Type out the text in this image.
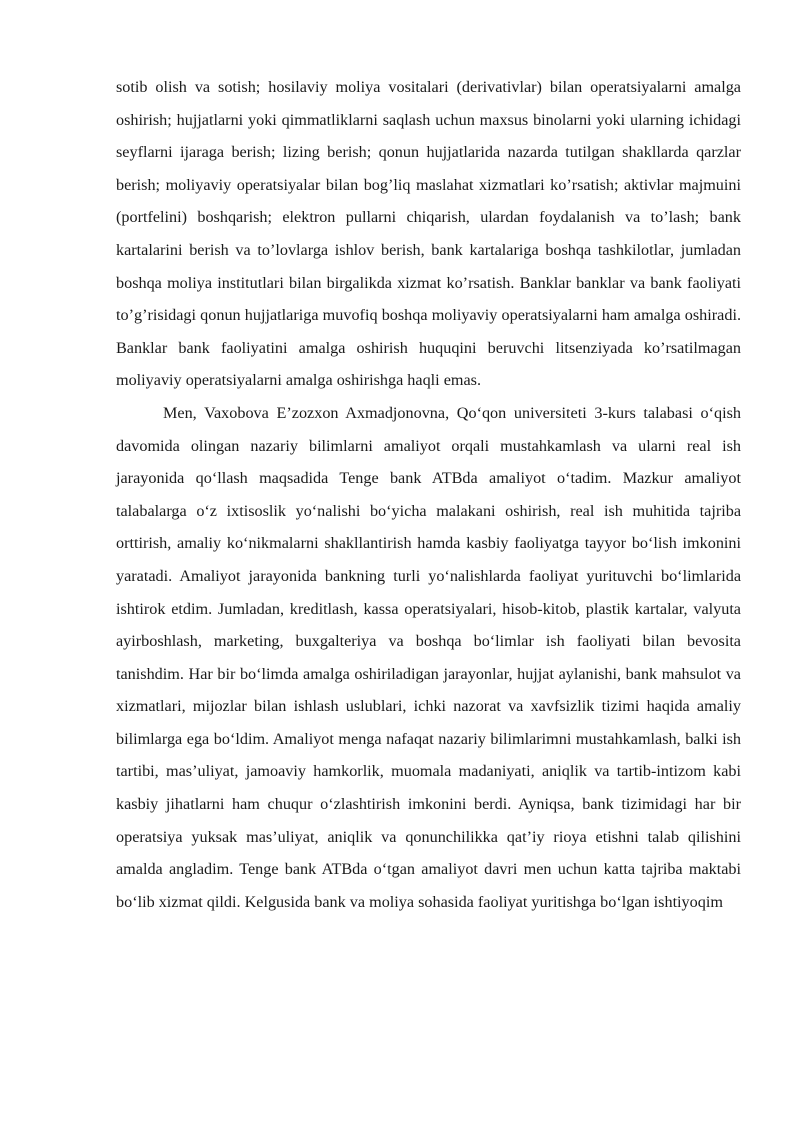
sotib olish va sotish; hosilaviy moliya vositalari (derivativlar) bilan operatsiyalarni amalga oshirish; hujjatlarni yoki qimmatliklarni saqlash uchun maxsus binolarni yoki ularning ichidagi seyflarni ijaraga berish; lizing berish; qonun hujjatlarida nazarda tutilgan shakllarda qarzlar berish; moliyaviy operatsiyalar bilan bog’liq maslahat xizmatlari ko’rsatish; aktivlar majmuini (portfelini) boshqarish; elektron pullarni chiqarish, ulardan foydalanish va to’lash; bank kartalarini berish va to’lovlarga ishlov berish, bank kartalariga boshqa tashkilotlar, jumladan boshqa moliya institutlari bilan birgalikda xizmat ko’rsatish. Banklar banklar va bank faoliyati to’g’risidagi qonun hujjatlariga muvofiq boshqa moliyaviy operatsiyalarni ham amalga oshiradi. Banklar bank faoliyatini amalga oshirish huquqini beruvchi litsenziyada ko’rsatilmagan moliyaviy operatsiyalarni amalga oshirishga haqli emas.

Men, Vaxobova E’zozxon Axmadjonovna, Qo‘qon universiteti 3-kurs talabasi o‘qish davomida olingan nazariy bilimlarni amaliyot orqali mustahkamlash va ularni real ish jarayonida qo‘llash maqsadida Tenge bank ATBda amaliyot o‘tadim. Mazkur amaliyot talabalarga o‘z ixtisoslik yo‘nalishi bo‘yicha malakani oshirish, real ish muhitida tajriba orttirish, amaliy ko‘nikmalarni shakllantirish hamda kasbiy faoliyatga tayyor bo‘lish imkonini yaratadi. Amaliyot jarayonida bankning turli yo‘nalishlarda faoliyat yurituvchi bo‘limlarida ishtirok etdim. Jumladan, kreditlash, kassa operatsiyalari, hisob-kitob, plastik kartalar, valyuta ayirboshlash, marketing, buxgalteriya va boshqa bo‘limlar ish faoliyati bilan bevosita tanishdim. Har bir bo‘limda amalga oshiriladigan jarayonlar, hujjat aylanishi, bank mahsulot va xizmatlari, mijozlar bilan ishlash uslublari, ichki nazorat va xavfsizlik tizimi haqida amaliy bilimlarga ega bo‘ldim. Amaliyot menga nafaqat nazariy bilimlarimni mustahkamlash, balki ish tartibi, mas’uliyat, jamoaviy hamkorlik, muomala madaniyati, aniqlik va tartib-intizom kabi kasbiy jihatlarni ham chuqur o‘zlashtirish imkonini berdi. Ayniqsa, bank tizimidagi har bir operatsiya yuksak mas’uliyat, aniqlik va qonunchilikka qat’iy rioya etishni talab qilishini amalda angladim. Tenge bank ATBda o‘tgan amaliyot davri men uchun katta tajriba maktabi bo‘lib xizmat qildi. Kelgusida bank va moliya sohasida faoliyat yuritishga bo‘lgan ishtiyoqim
